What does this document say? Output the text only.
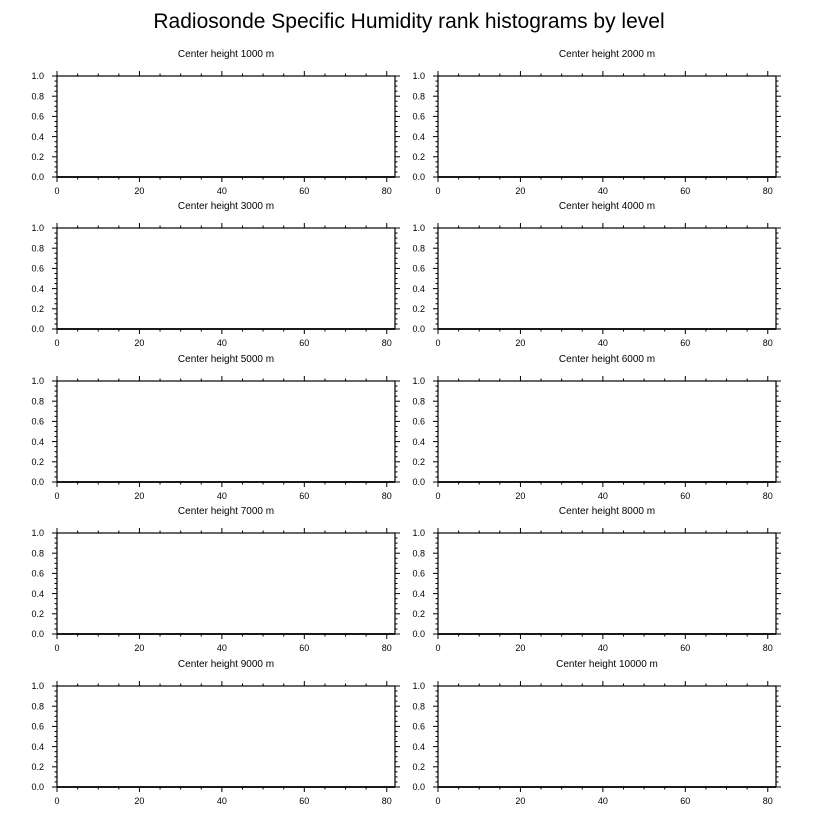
Radiosonde Specific Humidity rank histograms by level
Center height 1000 m
0	20	40	60	80
0.0
0.2
0.4
0.6
0.8
1.0
Center height 2000 m
0	20	40	60	80
0.0
0.2
0.4
0.6
0.8
1.0
Center height 3000 m
0	20	40	60	80
0.0
0.2
0.4
0.6
0.8
1.0
Center height 4000 m
0	20	40	60	80
0.0
0.2
0.4
0.6
0.8
1.0
Center height 5000 m
0	20	40	60	80
0.0
0.2
0.4
0.6
0.8
1.0
Center height 6000 m
0	20	40	60	80
0.0
0.2
0.4
0.6
0.8
1.0
Center height 7000 m
0	20	40	60	80
0.0
0.2
0.4
0.6
0.8
1.0
Center height 8000 m
0	20	40	60	80
0.0
0.2
0.4
0.6
0.8
1.0
Center height 9000 m
0	20	40	60	80
0.0
0.2
0.4
0.6
0.8
1.0
Center height 10000 m
0	20	40	60	80
0.0
0.2
0.4
0.6
0.8
1.0
